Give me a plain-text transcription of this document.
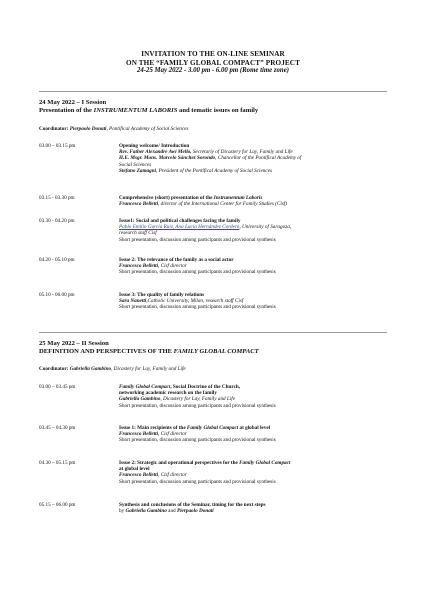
INVITATION TO THE ON-LINE SEMINAR
ON THE “FAMILY GLOBAL COMPACT” PROJECT
24-25 May 2022 - 3.00 pm - 6.00 pm (Rome time zone)
24 May 2022 – I Session
Presentation of the INSTRUMENTUM LABORIS and tematic issues on family
Coordinator: Pierpaolo Donati, Pontifical Academy of Social Sciences
03.00 – 03.15 pm	Opening welcome/ Introduction
Rev. Father Alexandre Awi Mello, Secretariy of Dicastery for Lay, Family and Life
H.E. Msgr. Mons. Marcelo Sánchez Sorondo, Chancellor of the Pontifical Academy of
Social Sciences
Stefano Zamagni, President of the Pontifical Academy of Social Sciences
03.15 - 03.30 pm	Comprehensive (short) presentation of the Instrumentum Laboris
Francesco Belletti, director of the International Center for Family Studies (Cisf)
03.30 - 04.20 pm	Issue1: Social and political challenges facing the family
Pablo Emilio García Ruiz, Ana Lucía Hernández Cordero, University of Saragoza,
research staff Cisf
Short presentation, discussion among participants and provisional synthesis
04.20 - 05.10 pm	Issue 2: The relevance of the family as a social actor
Francesco Belletti, Cisf director
Short presentation, discussion among participants and provisional synthesis
05.10 - 06.00 pm	Issue 3: The quality of family relations
Sara Nanetti,Catholic University, Milan, research staff Cisf
Short presentation, discussion among participants and provisional synthesis
25 May 2022 – II Session
DEFINITION AND PERSPECTIVES OF THE FAMILY GLOBAL COMPACT
Coordinator: Gabriella Gambino, Dicastery for Lay, Family and Life
03.00 – 03.45 pm	Family Global Compact, Social Doctrine of the Church,
networking academic research on the family
Gabriella Gambino, Dicastery for Lay, Family and Life
Short presentation, discussion among participants and provisional synthesis
03.45 – 04.30 pm	Issue 1: Main recipients of the Family Global Compact at global level
Francesco Belletti, Cisf director
Short presentation, discussion among participants and provisional synthesis
04.30 – 05.15 pm	Issue 2: Strategic and operational perspectives for the Family Global Compact
at global level
Francesco Belletti, Cisf director
Short presentation, discussion among participants and provisional synthesis
05.15 – 06.00 pm	Synthesis and conclusions of the Seminar, timing for the next steps
by Gabriella Gambino and Pierpaolo Donati
